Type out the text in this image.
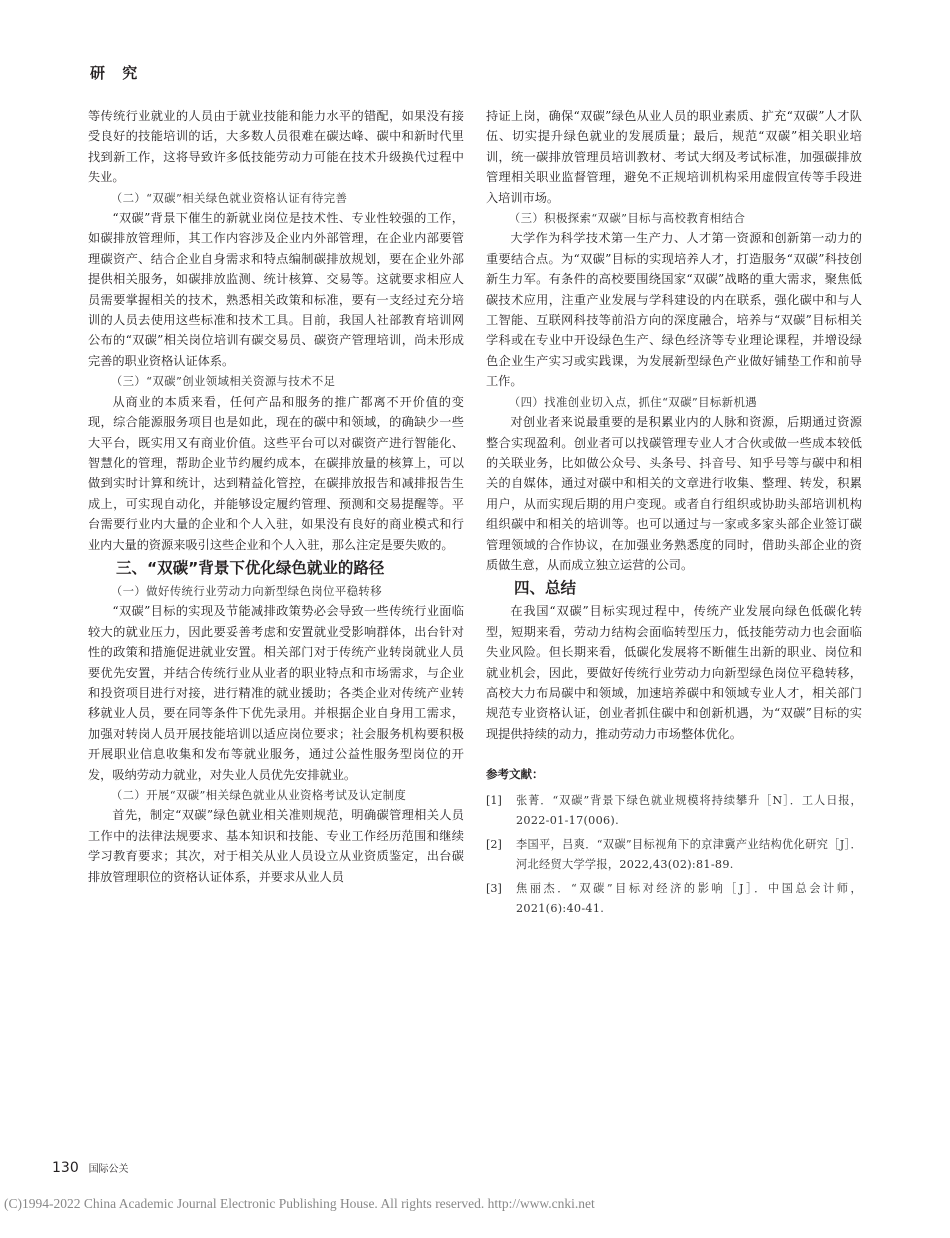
研 究

等传统行业就业的人员由于就业技能和能力水平的错配，如果没有接受良好的技能培训的话，大多数人员很难在碳达峰、碳中和新时代里找到新工作，这将导致许多低技能劳动力可能在技术升级换代过程中失业。

（二）“双碳”相关绿色就业资格认证有待完善

“双碳”背景下催生的新就业岗位是技术性、专业性较强的工作，如碳排放管理师，其工作内容涉及企业内外部管理，在企业内部要管理碳资产、结合企业自身需求和特点编制碳排放规划，要在企业外部提供相关服务，如碳排放监测、统计核算、交易等。这就要求相应人员需要掌握相关的技术，熟悉相关政策和标准，要有一支经过充分培训的人员去使用这些标准和技术工具。目前，我国人社部教育培训网公布的“双碳”相关岗位培训有碳交易员、碳资产管理培训，尚未形成完善的职业资格认证体系。

（三）“双碳”创业领域相关资源与技术不足

从商业的本质来看，任何产品和服务的推广都离不开价值的变现，综合能源服务项目也是如此，现在的碳中和领域，的确缺少一些大平台，既实用又有商业价值。这些平台可以对碳资产进行智能化、智慧化的管理，帮助企业节约履约成本，在碳排放量的核算上，可以做到实时计算和统计，达到精益化管控，在碳排放报告和减排报告生成上，可实现自动化，并能够设定履约管理、预测和交易提醒等。平台需要行业内大量的企业和个人入驻，如果没有良好的商业模式和行业内大量的资源来吸引这些企业和个人入驻，那么注定是要失败的。

三、“双碳”背景下优化绿色就业的路径

（一）做好传统行业劳动力向新型绿色岗位平稳转移

“双碳”目标的实现及节能减排政策势必会导致一些传统行业面临较大的就业压力，因此要妥善考虑和安置就业受影响群体，出台针对性的政策和措施促进就业安置。相关部门对于传统产业转岗就业人员要优先安置，并结合传统行业从业者的职业特点和市场需求，与企业和投资项目进行对接，进行精准的就业援助；各类企业对传统产业转移就业人员，要在同等条件下优先录用。并根据企业自身用工需求，加强对转岗人员开展技能培训以适应岗位要求；社会服务机构要积极开展职业信息收集和发布等就业服务，通过公益性服务型岗位的开发，吸纳劳动力就业，对失业人员优先安排就业。

（二）开展“双碳”相关绿色就业从业资格考试及认定制度

首先，制定“双碳”绿色就业相关准则规范，明确碳管理相关人员工作中的法律法规要求、基本知识和技能、专业工作经历范围和继续学习教育要求；其次，对于相关从业人员设立从业资质鉴定，出台碳排放管理职位的资格认证体系，并要求从业人员

持证上岗，确保“双碳”绿色从业人员的职业素质、扩充“双碳”人才队伍、切实提升绿色就业的发展质量；最后，规范“双碳”相关职业培训，统一碳排放管理员培训教材、考试大纲及考试标准，加强碳排放管理相关职业监督管理，避免不正规培训机构采用虚假宣传等手段进入培训市场。

（三）积极探索“双碳”目标与高校教育相结合

大学作为科学技术第一生产力、人才第一资源和创新第一动力的重要结合点。为“双碳”目标的实现培养人才，打造服务“双碳”科技创新生力军。有条件的高校要围绕国家“双碳”战略的重大需求，聚焦低碳技术应用，注重产业发展与学科建设的内在联系，强化碳中和与人工智能、互联网科技等前沿方向的深度融合，培养与“双碳”目标相关学科或在专业中开设绿色生产、绿色经济等专业理论课程，并增设绿色企业生产实习或实践课，为发展新型绿色产业做好铺垫工作和前导工作。

（四）找准创业切入点，抓住“双碳”目标新机遇

对创业者来说最重要的是积累业内的人脉和资源，后期通过资源整合实现盈利。创业者可以找碳管理专业人才合伙或做一些成本较低的关联业务，比如做公众号、头条号、抖音号、知乎号等与碳中和相关的自媒体，通过对碳中和相关的文章进行收集、整理、转发，积累用户，从而实现后期的用户变现。或者自行组织或协助头部培训机构组织碳中和相关的培训等。也可以通过与一家或多家头部企业签订碳管理领域的合作协议，在加强业务熟悉度的同时，借助头部企业的资质做生意，从而成立独立运营的公司。

四、总结

在我国“双碳”目标实现过程中，传统产业发展向绿色低碳化转型，短期来看，劳动力结构会面临转型压力，低技能劳动力也会面临失业风险。但长期来看，低碳化发展将不断催生出新的职业、岗位和就业机会，因此，要做好传统行业劳动力向新型绿色岗位平稳转移，高校大力布局碳中和领域，加速培养碳中和领域专业人才，相关部门规范专业资格认证，创业者抓住碳中和创新机遇，为“双碳”目标的实现提供持续的动力，推动劳动力市场整体优化。

参考文献：
[1]	张菁．“双碳”背景下绿色就业规模将持续攀升［N］．工人日报，2022-01-17(006).
[2]	李国平，吕爽．“双碳”目标视角下的京津冀产业结构优化研究［J］．河北经贸大学学报，2022,43(02):81-89.
[3]	焦丽杰．“双碳”目标对经济的影响［J］．中国总会计师，2021(6):40-41.
130 国际公关
(C)1994-2022 China Academic Journal Electronic Publishing House. All rights reserved. http://www.cnki.net
